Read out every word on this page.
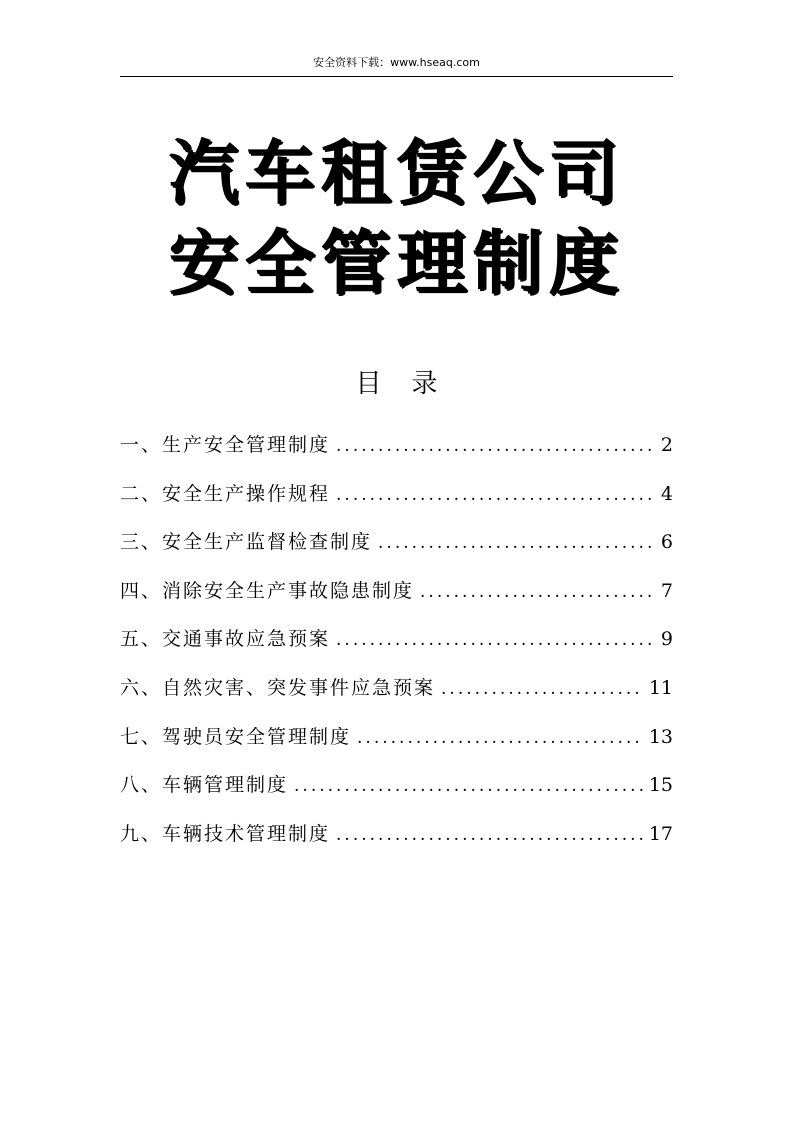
安全资料下载：www.hseaq.com
汽车租赁公司
安全管理制度
目录
一、生产安全管理制度 .....	2
二、安全生产操作规程 .....	4
三、安全生产监督检查制度 .....	6
四、消除安全生产事故隐患制度 .....	7
五、交通事故应急预案 .....	9
六、自然灾害、突发事件应急预案 .....	11
七、驾驶员安全管理制度 .....	13
八、车辆管理制度 .....	15
九、车辆技术管理制度 .....	17
